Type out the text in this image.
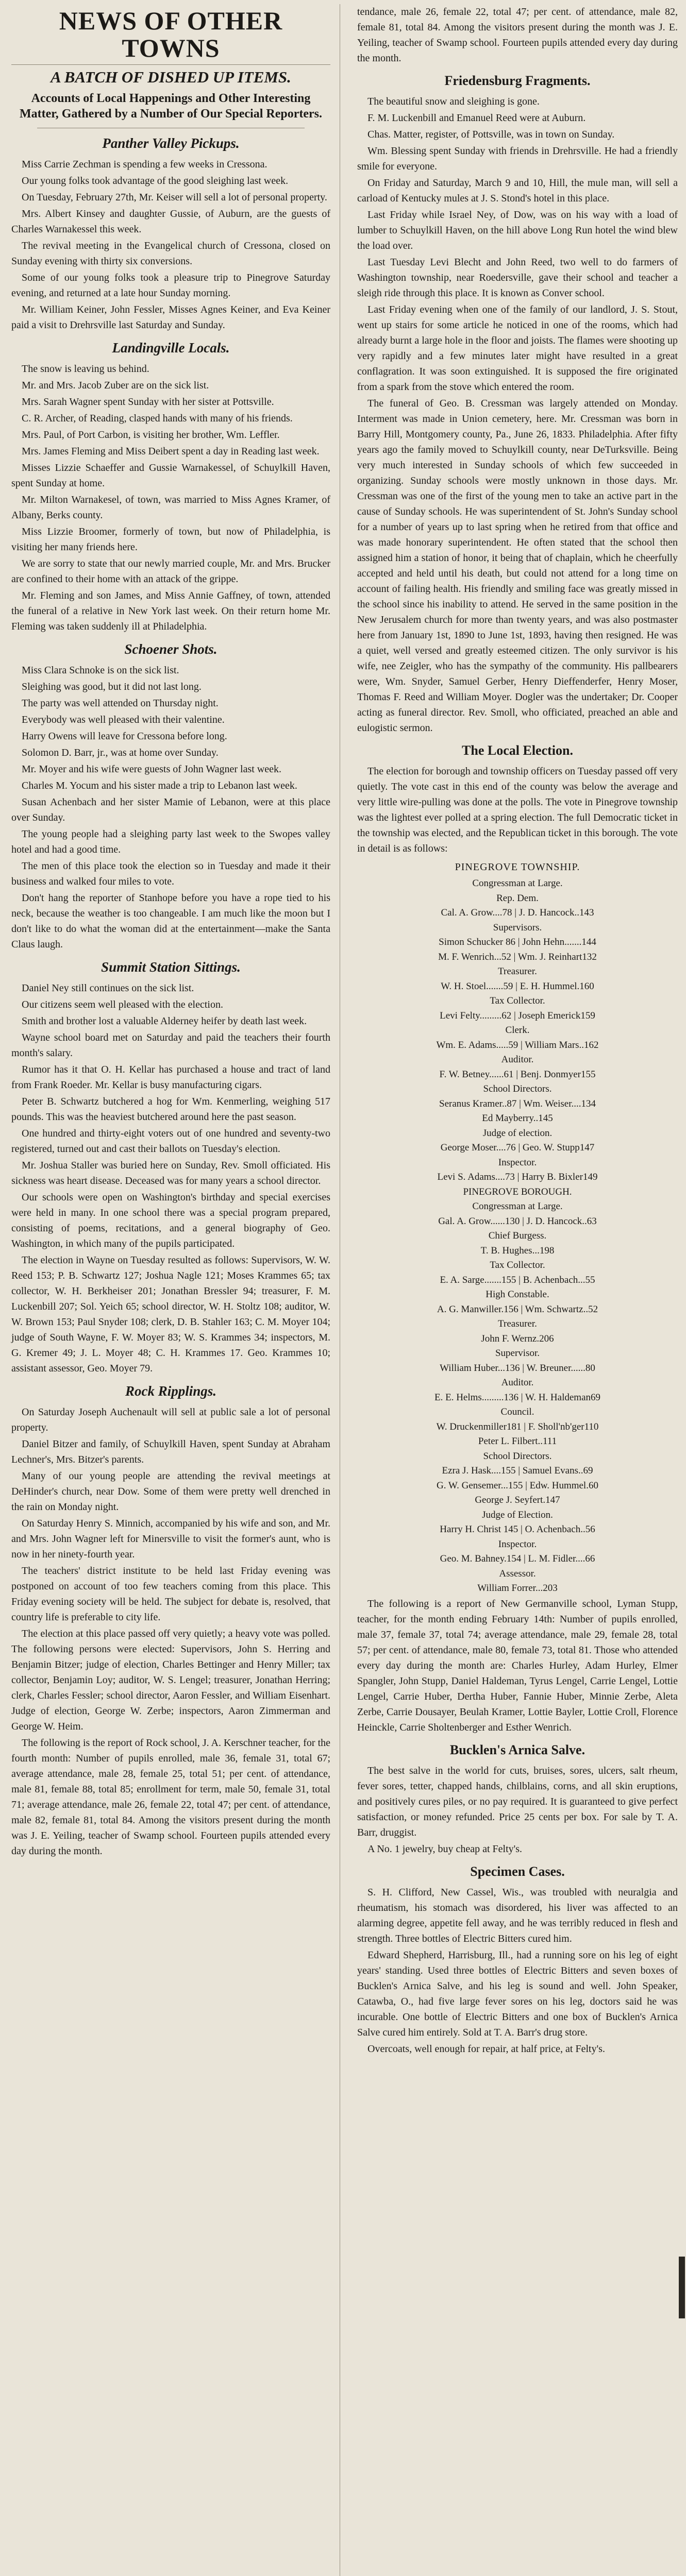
NEWS OF OTHER TOWNS
A BATCH OF DISHED UP ITEMS.
Accounts of Local Happenings and Other Interesting Matter, Gathered by a Number of Our Special Reporters.
Panther Valley Pickups.

Miss Carrie Zechman is spending a few weeks in Cressona.

Our young folks took advantage of the good sleighing last week.

On Tuesday, February 27th, Mr. Keiser will sell a lot of personal property.

Mrs. Albert Kinsey and daughter Gussie, of Auburn, are the guests of Charles Warnakessel this week.

The revival meeting in the Evangelical church of Cressona, closed on Sunday evening with thirty six conversions.

Some of our young folks took a pleasure trip to Pinegrove Saturday evening, and returned at a late hour Sunday morning.

Mr. William Keiner, John Fessler, Misses Agnes Keiner, and Eva Keiner paid a visit to Drehrsville last Saturday and Sunday.

Landingville Locals.

The snow is leaving us behind.

Mr. and Mrs. Jacob Zuber are on the sick list.

Mrs. Sarah Wagner spent Sunday with her sister at Pottsville.

C. R. Archer, of Reading, clasped hands with many of his friends.

Mrs. Paul, of Port Carbon, is visiting her brother, Wm. Leffler.

Mrs. James Fleming and Miss Deibert spent a day in Reading last week.

Misses Lizzie Schaeffer and Gussie Warnakessel, of Schuylkill Haven, spent Sunday at home.

Mr. Milton Warnakesel, of town, was married to Miss Agnes Kramer, of Albany, Berks county.

Miss Lizzie Broomer, formerly of town, but now of Philadelphia, is visiting her many friends here.

We are sorry to state that our newly married couple, Mr. and Mrs. Brucker are confined to their home with an attack of the grippe.

Mr. Fleming and son James, and Miss Annie Gaffney, of town, attended the funeral of a relative in New York last week. On their return home Mr. Fleming was taken suddenly ill at Philadelphia.

Schoener Shots.

Miss Clara Schnoke is on the sick list.

Sleighing was good, but it did not last long.

The party was well attended on Thursday night.

Everybody was well pleased with their valentine.

Harry Owens will leave for Cressona before long.

Solomon D. Barr, jr., was at home over Sunday.

Mr. Moyer and his wife were guests of John Wagner last week.

Charles M. Yocum and his sister made a trip to Lebanon last week.

Susan Achenbach and her sister Mamie of Lebanon, were at this place over Sunday.

The young people had a sleighing party last week to the Swopes valley hotel and had a good time.

The men of this place took the election so in Tuesday and made it their business and walked four miles to vote.

Don't hang the reporter of Stanhope before you have a rope tied to his neck, because the weather is too changeable. I am much like the moon but I don't like to do what the woman did at the entertainment—make the Santa Claus laugh.

Summit Station Sittings.

Daniel Ney still continues on the sick list.

Our citizens seem well pleased with the election.

Smith and brother lost a valuable Alderney heifer by death last week.

Wayne school board met on Saturday and paid the teachers their fourth month's salary.

Rumor has it that O. H. Kellar has purchased a house and tract of land from Frank Roeder. Mr. Kellar is busy manufacturing cigars.

Peter B. Schwartz butchered a hog for Wm. Kenmerling, weighing 517 pounds. This was the heaviest butchered around here the past season.

One hundred and thirty-eight voters out of one hundred and seventy-two registered, turned out and cast their ballots on Tuesday's election.

Mr. Joshua Staller was buried here on Sunday, Rev. Smoll officiated. His sickness was heart disease. Deceased was for many years a school director.

Our schools were open on Washington's birthday and special exercises were held in many. In one school there was a special program prepared, consisting of poems, recitations, and a general biography of Geo. Washington, in which many of the pupils participated.

The election in Wayne on Tuesday resulted as follows: Supervisors, W. W. Reed 153; P. B. Schwartz 127; Joshua Nagle 121; Moses Krammes 65; tax collector, W. H. Berkheiser 201; Jonathan Bressler 94; treasurer, F. M. Luckenbill 207; Sol. Yeich 65; school director, W. H. Stoltz 108; auditor, W. W. Brown 153; Paul Snyder 108; clerk, D. B. Stahler 163; C. M. Moyer 104; judge of South Wayne, F. W. Moyer 83; W. S. Krammes 34; inspectors, M. G. Kremer 49; J. L. Moyer 48; C. H. Krammes 17. Geo. Krammes 10; assistant assessor, Geo. Moyer 79.

Rock Ripplings.

On Saturday Joseph Auchenault will sell at public sale a lot of personal property.

Daniel Bitzer and family, of Schuylkill Haven, spent Sunday at Abraham Lechner's, Mrs. Bitzer's parents.

Many of our young people are attending the revival meetings at DeHinder's church, near Dow. Some of them were pretty well drenched in the rain on Monday night.

On Saturday Henry S. Minnich, accompanied by his wife and son, and Mr. and Mrs. John Wagner left for Minersville to visit the former's aunt, who is now in her ninety-fourth year.

The teachers' district institute to be held last Friday evening was postponed on account of too few teachers coming from this place. This Friday evening society will be held. The subject for debate is, resolved, that country life is preferable to city life.

The election at this place passed off very quietly; a heavy vote was polled. The following persons were elected: Supervisors, John S. Herring and Benjamin Bitzer; judge of election, Charles Bettinger and Henry Miller; tax collector, Benjamin Loy; auditor, W. S. Lengel; treasurer, Jonathan Herring; clerk, Charles Fessler; school director, Aaron Fessler, and William Eisenhart. Judge of election, George W. Zerbe; inspectors, Aaron Zimmerman and George W. Heim.

The following is the report of Rock school, J. A. Kerschner teacher, for the fourth month: Number of pupils enrolled, male 36, female 31, total 67; average attendance, male 28, female 25, total 51; per cent. of attendance, male 81, female 88, total 85; enrollment for term, male 50, female 31, total 71; average attendance, male 26, female 22, total 47; per cent. of attendance, male 82, female 81, total 84. Among the visitors present during the month was J. E. Yeiling, teacher of Swamp school. Fourteen pupils attended every day during the month.

tendance, male 26, female 22, total 47; per cent. of attendance, male 82, female 81, total 84. Among the visitors present during the month was J. E. Yeiling, teacher of Swamp school. Fourteen pupils attended every day during the month.

Friedensburg Fragments.

The beautiful snow and sleighing is gone.

F. M. Luckenbill and Emanuel Reed were at Auburn.

Chas. Matter, register, of Pottsville, was in town on Sunday.

Wm. Blessing spent Sunday with friends in Drehrsville. He had a friendly smile for everyone.

On Friday and Saturday, March 9 and 10, Hill, the mule man, will sell a carload of Kentucky mules at J. S. Stond's hotel in this place.

Last Friday while Israel Ney, of Dow, was on his way with a load of lumber to Schuylkill Haven, on the hill above Long Run hotel the wind blew the load over.

Last Tuesday Levi Blecht and John Reed, two well to do farmers of Washington township, near Roedersville, gave their school and teacher a sleigh ride through this place. It is known as Conver school.

Last Friday evening when one of the family of our landlord, J. S. Stout, went up stairs for some article he noticed in one of the rooms, which had already burnt a large hole in the floor and joists. The flames were shooting up very rapidly and a few minutes later might have resulted in a great conflagration. It was soon extinguished. It is supposed the fire originated from a spark from the stove which entered the room.

The funeral of Geo. B. Cressman was largely attended on Monday. Interment was made in Union cemetery, here. Mr. Cressman was born in Barry Hill, Montgomery county, Pa., June 26, 1833. Philadelphia. After fifty years ago the family moved to Schuylkill county, near DeTurksville. Being very much interested in Sunday schools of which few succeeded in organizing. Sunday schools were mostly unknown in those days. Mr. Cressman was one of the first of the young men to take an active part in the cause of Sunday schools. He was superintendent of St. John's Sunday school for a number of years up to last spring when he retired from that office and was made honorary superintendent. He often stated that the school then assigned him a station of honor, it being that of chaplain, which he cheerfully accepted and held until his death, but could not attend for a long time on account of failing health. His friendly and smiling face was greatly missed in the school since his inability to attend. He served in the same position in the New Jerusalem church for more than twenty years, and was also postmaster here from January 1st, 1890 to June 1st, 1893, having then resigned. He was a quiet, well versed and greatly esteemed citizen. The only survivor is his wife, nee Zeigler, who has the sympathy of the community. His pallbearers were, Wm. Snyder, Samuel Gerber, Henry Dieffenderfer, Henry Moser, Thomas F. Reed and William Moyer. Dogler was the undertaker; Dr. Cooper acting as funeral director. Rev. Smoll, who officiated, preached an able and eulogistic sermon.

The Local Election.

The election for borough and township officers on Tuesday passed off very quietly. The vote cast in this end of the county was below the average and very little wire-pulling was done at the polls. The vote in Pinegrove township was the lightest ever polled at a spring election. The full Democratic ticket in the township was elected, and the Republican ticket in this borough. The vote in detail is as follows:

PINEGROVE TOWNSHIP.
Congressman at Large.
Rep. Dem.
Cal. A. Grow....78 | J. D. Hancock..143
Supervisors.
Simon Schucker 86 | John Hehn.......144
M. F. Wenrich...52 | Wm. J. Reinhart132
Treasurer.
W. H. Stoel.......59 | E. H. Hummel.160
Tax Collector.
Levi Felty.........62 | Joseph Emerick159
Clerk.
Wm. E. Adams.....59 | William Mars..162
Auditor.
F. W. Betney......61 | Benj. Donmyer155
School Directors.
Seranus Kramer..87 | Wm. Weiser....134
Ed Mayberry..145
Judge of election.
George Moser....76 | Geo. W. Stupp147
Inspector.
Levi S. Adams....73 | Harry B. Bixler149
PINEGROVE BOROUGH.
Congressman at Large.
Gal. A. Grow......130 | J. D. Hancock..63
Chief Burgess.
T. B. Hughes...198
Tax Collector.
E. A. Sarge.......155 | B. Achenbach...55
High Constable.
A. G. Manwiller.156 | Wm. Schwartz..52
Treasurer.
John F. Wernz.206
Supervisor.
William Huber...136 | W. Breuner......80
Auditor.
E. E. Helms.........136 | W. H. Haldeman69
Council.
W. Druckenmiller181 | F. Sholl'nb'ger110
Peter L. Filbert..111
School Directors.
Ezra J. Hask....155 | Samuel Evans..69
G. W. Gensemer...155 | Edw. Hummel.60
George J. Seyfert.147
Judge of Election.
Harry H. Christ 145 | O. Achenbach..56
Inspector.
Geo. M. Bahney.154 | L. M. Fidler....66
Assessor.
William Forrer...203

The following is a report of New Germanville school, Lyman Stupp, teacher, for the month ending February 14th: Number of pupils enrolled, male 37, female 37, total 74; average attendance, male 29, female 28, total 57; per cent. of attendance, male 80, female 73, total 81. Those who attended every day during the month are: Charles Hurley, Adam Hurley, Elmer Spangler, John Stupp, Daniel Haldeman, Tyrus Lengel, Carrie Lengel, Lottie Lengel, Carrie Huber, Dertha Huber, Fannie Huber, Minnie Zerbe, Aleta Zerbe, Carrie Dousayer, Beulah Kramer, Lottie Bayler, Lottie Croll, Florence Heinckle, Carrie Sholtenberger and Esther Wenrich.

Bucklen's Arnica Salve.

The best salve in the world for cuts, bruises, sores, ulcers, salt rheum, fever sores, tetter, chapped hands, chilblains, corns, and all skin eruptions, and positively cures piles, or no pay required. It is guaranteed to give perfect satisfaction, or money refunded. Price 25 cents per box. For sale by T. A. Barr, druggist.

A No. 1 jewelry, buy cheap at Felty's.

Specimen Cases.

S. H. Clifford, New Cassel, Wis., was troubled with neuralgia and rheumatism, his stomach was disordered, his liver was affected to an alarming degree, appetite fell away, and he was terribly reduced in flesh and strength. Three bottles of Electric Bitters cured him.

Edward Shepherd, Harrisburg, Ill., had a running sore on his leg of eight years' standing. Used three bottles of Electric Bitters and seven boxes of Bucklen's Arnica Salve, and his leg is sound and well. John Speaker, Catawba, O., had five large fever sores on his leg, doctors said he was incurable. One bottle of Electric Bitters and one box of Bucklen's Arnica Salve cured him entirely. Sold at T. A. Barr's drug store.

Overcoats, well enough for repair, at half price, at Felty's.
